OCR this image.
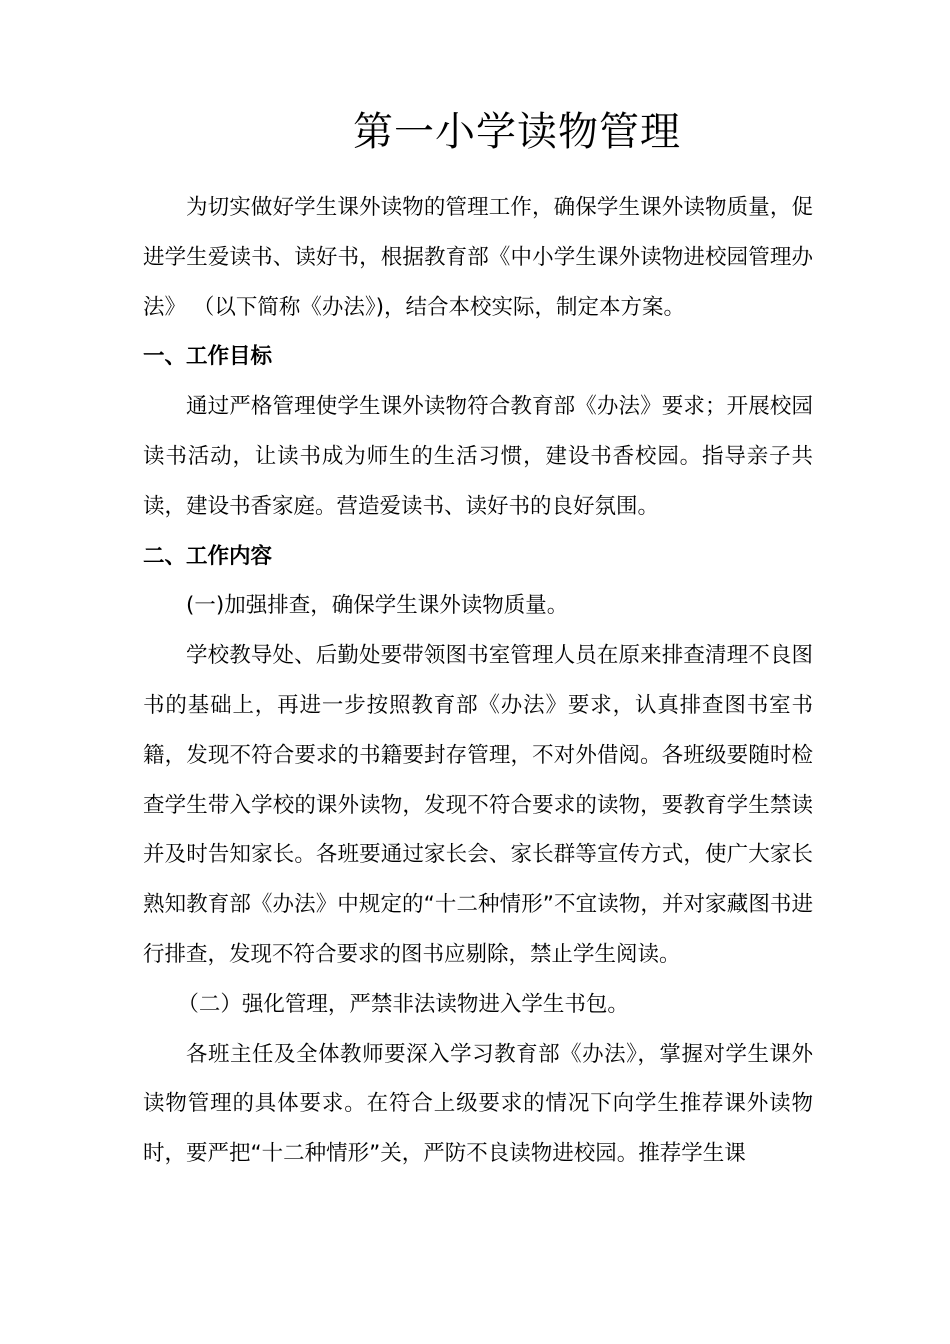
第一小学读物管理

为切实做好学生课外读物的管理工作，确保学生课外读物质量，促进学生爱读书、读好书，根据教育部《中小学生课外读物进校园管理办法》 （以下简称《办法》)，结合本校实际，制定本方案。

一、工作目标

通过严格管理使学生课外读物符合教育部《办法》要求；开展校园读书活动，让读书成为师生的生活习惯，建设书香校园。指导亲子共读，建设书香家庭。营造爱读书、读好书的良好氛围。

二、工作内容

(一)加强排查，确保学生课外读物质量。

学校教导处、后勤处要带领图书室管理人员在原来排查清理不良图书的基础上，再进一步按照教育部《办法》要求，认真排查图书室书籍，发现不符合要求的书籍要封存管理，不对外借阅。各班级要随时检查学生带入学校的课外读物，发现不符合要求的读物，要教育学生禁读并及时告知家长。各班要通过家长会、家长群等宣传方式，使广大家长熟知教育部《办法》中规定的“十二种情形”不宜读物，并对家藏图书进行排查，发现不符合要求的图书应剔除，禁止学生阅读。

（二）强化管理，严禁非法读物进入学生书包。

各班主任及全体教师要深入学习教育部《办法》，掌握对学生课外读物管理的具体要求。在符合上级要求的情况下向学生推荐课外读物时，要严把“十二种情形”关，严防不良读物进校园。推荐学生课
